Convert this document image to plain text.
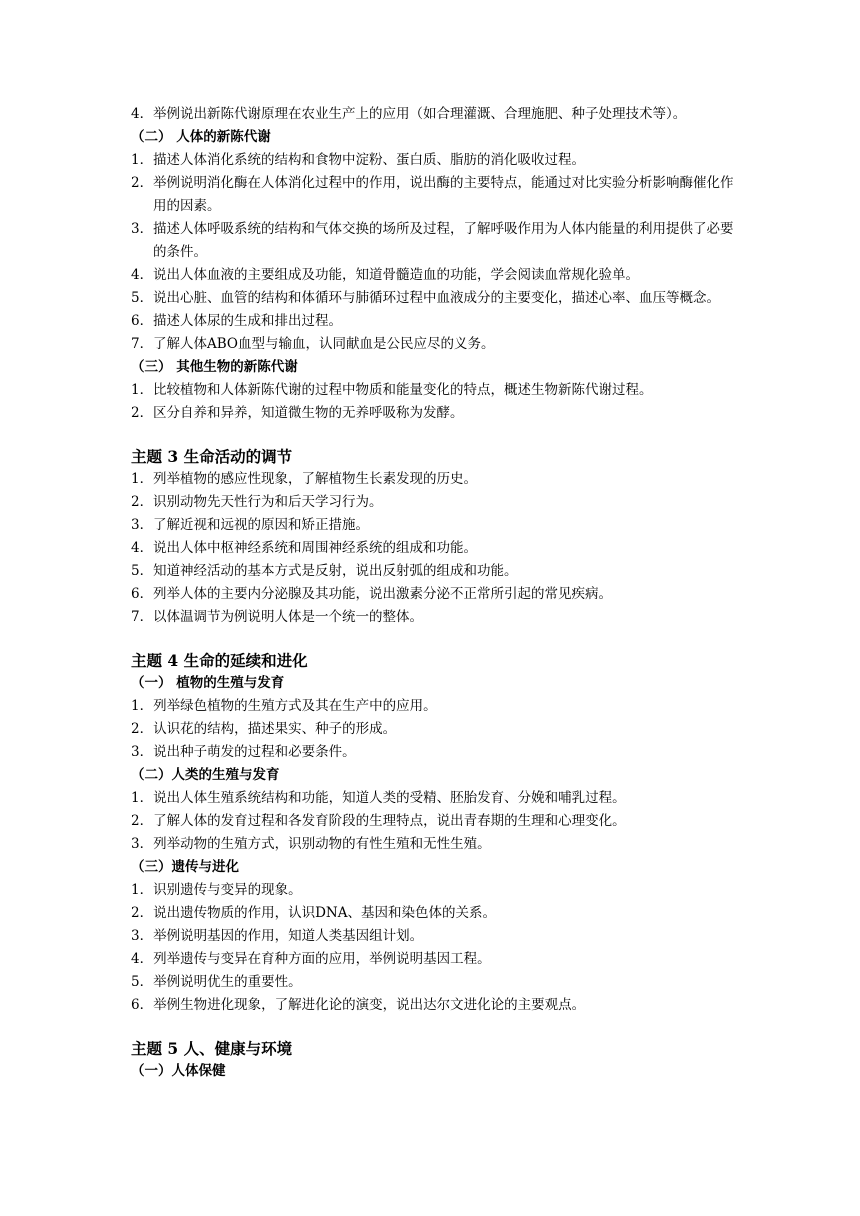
4． 举例说出新陈代谢原理在农业生产上的应用（如合理灌溉、合理施肥、种子处理技术等）。
（二） 人体的新陈代谢
1． 描述人体消化系统的结构和食物中淀粉、蛋白质、脂肪的消化吸收过程。
2． 举例说明消化酶在人体消化过程中的作用，说出酶的主要特点，能通过对比实验分析影响酶催化作用的因素。
3． 描述人体呼吸系统的结构和气体交换的场所及过程，了解呼吸作用为人体内能量的利用提供了必要的条件。
4． 说出人体血液的主要组成及功能，知道骨髓造血的功能，学会阅读血常规化验单。
5． 说出心脏、血管的结构和体循环与肺循环过程中血液成分的主要变化，描述心率、血压等概念。
6． 描述人体尿的生成和排出过程。
7． 了解人体ABO血型与输血，认同献血是公民应尽的义务。
（三） 其他生物的新陈代谢
1． 比较植物和人体新陈代谢的过程中物质和能量变化的特点，概述生物新陈代谢过程。
2． 区分自养和异养，知道微生物的无养呼吸称为发酵。
主题 3 生命活动的调节
1． 列举植物的感应性现象，了解植物生长素发现的历史。
2． 识别动物先天性行为和后天学习行为。
3． 了解近视和远视的原因和矫正措施。
4． 说出人体中枢神经系统和周围神经系统的组成和功能。
5． 知道神经活动的基本方式是反射，说出反射弧的组成和功能。
6． 列举人体的主要内分泌腺及其功能，说出激素分泌不正常所引起的常见疾病。
7． 以体温调节为例说明人体是一个统一的整体。
主题 4 生命的延续和进化
（一） 植物的生殖与发育
1．列举绿色植物的生殖方式及其在生产中的应用。
2．认识花的结构，描述果实、种子的形成。
3．说出种子萌发的过程和必要条件。
（二）人类的生殖与发育
1．说出人体生殖系统结构和功能，知道人类的受精、胚胎发育、分娩和哺乳过程。
2．了解人体的发育过程和各发育阶段的生理特点，说出青春期的生理和心理变化。
3．列举动物的生殖方式，识别动物的有性生殖和无性生殖。
（三）遗传与进化
1．识别遗传与变异的现象。
2．说出遗传物质的作用，认识DNA、基因和染色体的关系。
3．举例说明基因的作用，知道人类基因组计划。
4．列举遗传与变异在育种方面的应用，举例说明基因工程。
5．举例说明优生的重要性。
6．举例生物进化现象，了解进化论的演变，说出达尔文进化论的主要观点。
主题 5 人、健康与环境
（一）人体保健
